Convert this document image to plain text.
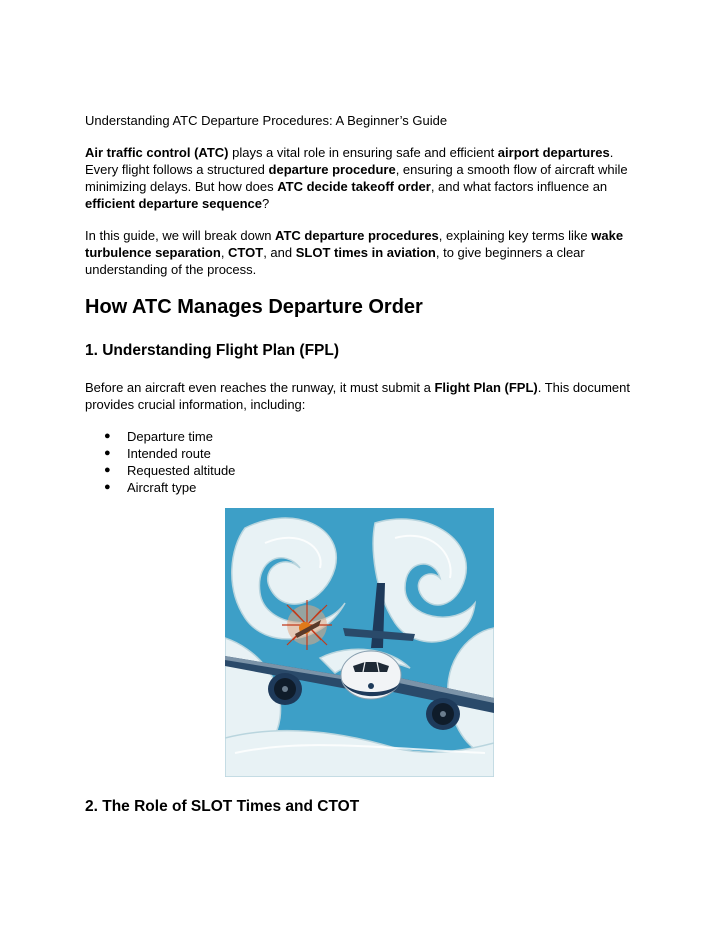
Understanding ATC Departure Procedures: A Beginner’s Guide

Air traffic control (ATC) plays a vital role in ensuring safe and efficient airport departures. Every flight follows a structured departure procedure, ensuring a smooth flow of aircraft while minimizing delays. But how does ATC decide takeoff order, and what factors influence an efficient departure sequence?

In this guide, we will break down ATC departure procedures, explaining key terms like wake turbulence separation, CTOT, and SLOT times in aviation, to give beginners a clear understanding of the process.

How ATC Manages Departure Order
1. Understanding Flight Plan (FPL)

Before an aircraft even reaches the runway, it must submit a Flight Plan (FPL). This document provides crucial information, including:

● Departure time
● Intended route
● Requested altitude
● Aircraft type
2. The Role of SLOT Times and CTOT
